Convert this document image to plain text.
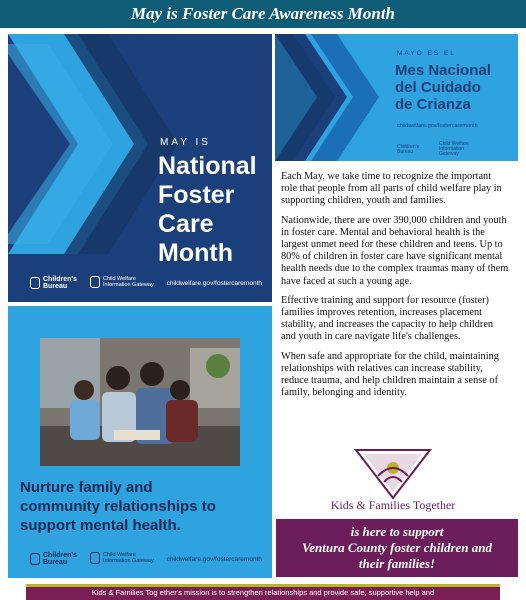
May is Foster Care Awareness Month
MAY IS
National
Foster
Care
Month
Children's Bureau
Child Welfare Information Gateway	childwelfare.gov/fostercaremonth
MAYO ES EL
Mes Nacional
del Cuidado
de Crianza
childwelfare.gov/fostercaremonth
Children's BureauChild Welfare Information Gateway

Each May, we take time to recognize the important role that people from all parts of child welfare play in supporting children, youth and families.

Nationwide, there are over 390,000 children and youth in foster care. Mental and behavioral health is the largest unmet need for these children and teens. Up to 80% of children in foster care have significant mental health needs due to the complex traumas many of them have faced at such a young age.

Effective training and support for resource (foster) families improves retention, increases placement stability, and increases the capacity to help children and youth in care navigate life's challenges.

When safe and appropriate for the child, maintaining relationships with relatives can increase stability, reduce trauma, and help children maintain a sense of family, belonging and identity.

Nurture family and
community relationships to
support mental health.
Children's Bureau
Child Welfare Information Gateway	childwelfare.gov/fostercaremonth
Kids & Families Together
is here to support
Ventura County foster children and
their families!
Kids & Families Tog ether's mission is to strengthen relationships and provide safe, supportive help and
